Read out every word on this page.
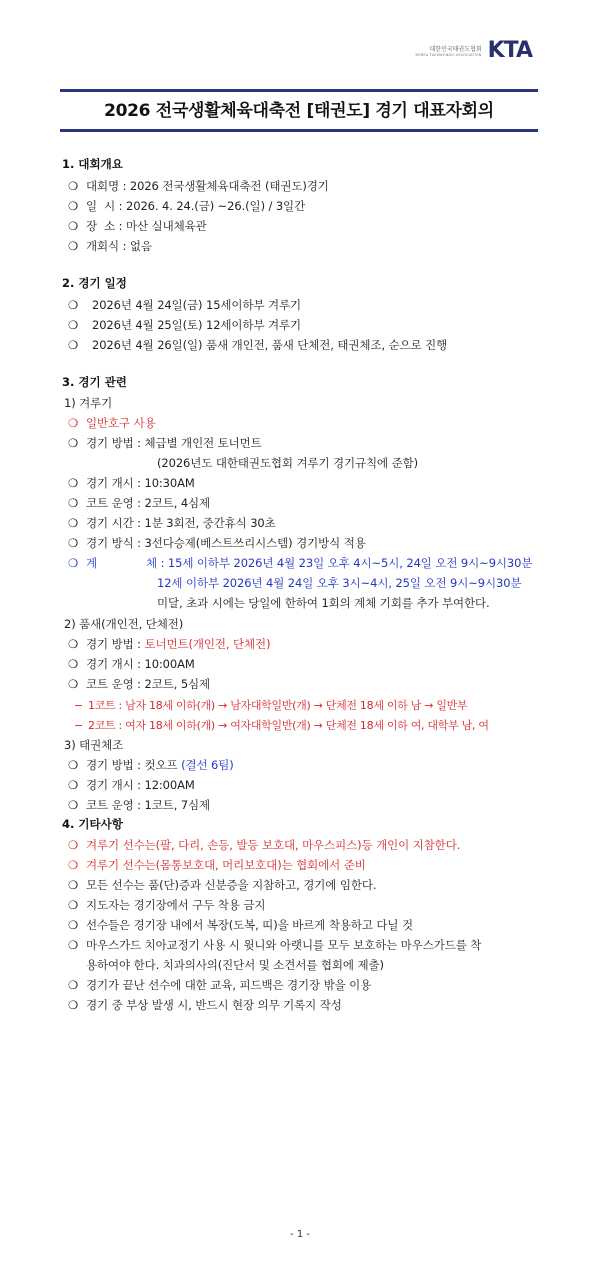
대한민국태권도협회
KOREA TAEKWONDO ASSOCIATION KTA
2026 전국생활체육대축전 [태권도] 경기 대표자회의
1. 대회개요
❍ 대회명 : 2026 전국생활체육대축전 (태권도)경기
❍ 일  시 : 2026. 4. 24.(금) ~26.(일) / 3일간
❍ 장  소 : 마산 실내체육관
❍ 개회식 : 없음
2. 경기 일정
❍ 2026년 4월 24일(금) 15세이하부 겨루기
❍ 2026년 4월 25일(토) 12세이하부 겨루기
❍ 2026년 4월 26일(일) 품새 개인전, 품새 단체전, 태권체조, 순으로 진행
3. 경기 관련
1) 겨루기
❍ 일반호구 사용
❍ 경기 방법 : 체급별 개인전 토너먼트
(2026년도 대한태권도협회 겨루기 경기규칙에 준함)
❍ 경기 개시 : 10:30AM
❍ 코트 운영 : 2코트, 4심제
❍ 경기 시간 : 1분 3회전, 중간휴식 30초
❍ 경기 방식 : 3선다승제(베스트쓰리시스템) 경기방식 적용
❍ 계	체 : 15세 이하부 2026년 4월 23일 오후 4시~5시, 24일 오전 9시~9시30분
12세 이하부 2026년 4월 24일 오후 3시~4시, 25일 오전 9시~9시30분
미달, 초과 시에는 당일에 한하여 1회의 계체 기회를 추가 부여한다.
2) 품새(개인전, 단체전)
❍ 경기 방법 : 토너먼트(개인전, 단체전)
❍ 경기 개시 : 10:00AM
❍ 코트 운영 : 2코트, 5심제
− 1코트 : 남자 18세 이하(개) → 남자대학일반(개) → 단체전 18세 이하 남 → 일반부
− 2코트 : 여자 18세 이하(개) → 여자대학일반(개) → 단체전 18세 이하 여, 대학부 남, 여
3) 태권체조
❍ 경기 방법 : 컷오프 (결선 6팀)
❍ 경기 개시 : 12:00AM
❍ 코트 운영 : 1코트, 7심제
4. 기타사항
❍ 겨루기 선수는(팔, 다리, 손등, 발등 보호대, 마우스피스)등 개인이 지참한다.
❍ 겨루기 선수는(몸통보호대, 머리보호대)는 협회에서 준비
❍ 모든 선수는 품(단)증과 신분증을 지참하고, 경기에 임한다.
❍ 지도자는 경기장에서 구두 착용 금지
❍ 선수들은 경기장 내에서 복장(도복, 띠)을 바르게 착용하고 다닐 것
❍ 마우스가드 치아교정기 사용 시 윗니와 아랫니를 모두 보호하는 마우스가드를 착
용하여야 한다. 치과의사의(진단서 및 소견서를 협회에 제출)
❍ 경기가 끝난 선수에 대한 교육, 피드백은 경기장 밖을 이용
❍ 경기 중 부상 발생 시, 반드시 현장 의무 기록지 작성
- 1 -
